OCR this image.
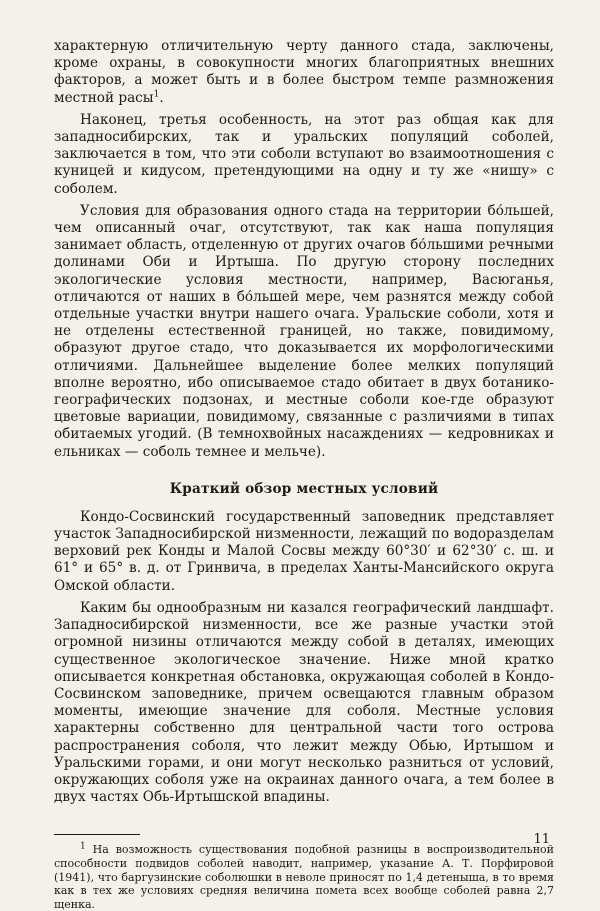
характерную отличительную черту данного стада, заключены, кроме охраны, в совокупности многих благоприятных внешних факторов, а может быть и в более быстром темпе размножения местной расы$^1$.

Наконец, третья особенность, на этот раз общая как для западносибирских, так и уральских популяций соболей, заключается в том, что эти соболи вступают во взаимоотношения с куницей и кидусом, претендующими на одну и ту же «нишу» с соболем.

Условия для образования одного стада на территории бо́льшей, чем описанный очаг, отсутствуют, так как наша популяция занимает область, отделенную от других очагов бо́льшими речными долинами Оби и Иртыша. По другую сторону последних экологические условия местности, например, Васюганья, отличаются от наших в бо́льшей мере, чем разнятся между собой отдельные участки внутри нашего очага. Уральские соболи, хотя и не отделены естественной границей, но также, повидимому, образуют другое стадо, что доказывается их морфологическими отличиями. Дальнейшее выделение более мелких популяций вполне вероятно, ибо описываемое стадо обитает в двух ботанико-географических подзонах, и местные соболи кое-где образуют цветовые вариации, повидимому, связанные с различиями в типах обитаемых угодий. (В темнохвойных насаждениях — кедровниках и ельниках — соболь темнее и мельче).

Краткий обзор местных условий

Кондо-Сосвинский государственный заповедник представляет участок Западносибирской низменности, лежащий по водоразделам верховий рек Конды и Малой Сосвы между 60°30′ и 62°30′ с. ш. и 61° и 65° в. д. от Гринвича, в пределах Ханты-Мансийского округа Омской области.

Каким бы однообразным ни казался географический ландшафт. Западносибирской низменности, все же разные участки этой огромной низины отличаются между собой в деталях, имеющих существенное экологическое значение. Ниже мной кратко описывается конкретная обстановка, окружающая соболей в Кондо-Сосвинском заповеднике, причем освещаются главным образом моменты, имеющие значение для соболя. Местные условия характерны собственно для центральной части того острова распространения соболя, что лежит между Обью, Иртышом и Уральскими горами, и они могут несколько разниться от условий, окружающих соболя уже на окраинах данного очага, а тем более в двух частях Обь-Иртышской впадины.

$^1$ На возможность существования подобной разницы в воспроизводительной способности подвидов соболей наводит, например, указание А. Т. Порфировой (1941), что баргузинские соболюшки в неволе приносят по 1,4 детеныша, в то время как в тех же условиях средняя величина помета всех вообще соболей равна 2,7 щенка.

11
